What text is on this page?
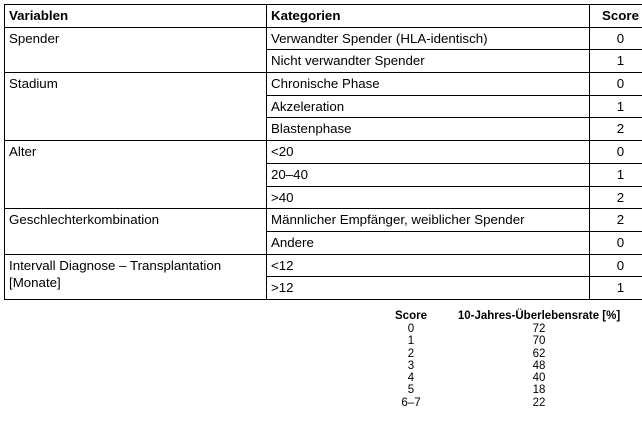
Variablen	Kategorien	Score
Spender	Verwandter Spender (HLA-identisch)	0
	Nicht verwandter Spender	1
Stadium	Chronische Phase	0
	Akzeleration	1
	Blastenphase	2
Alter	<20	0
	20–40	1
	>40	2
Geschlechterkombination	Männlicher Empfänger, weiblicher Spender	2
	Andere	0
Intervall Diagnose – Transplantation [Monate]	<12	0
	>12	1
Score	10-Jahres-Überlebensrate [%]
0	72
1	70
2	62
3	48
4	40
5	18
6–7	22
